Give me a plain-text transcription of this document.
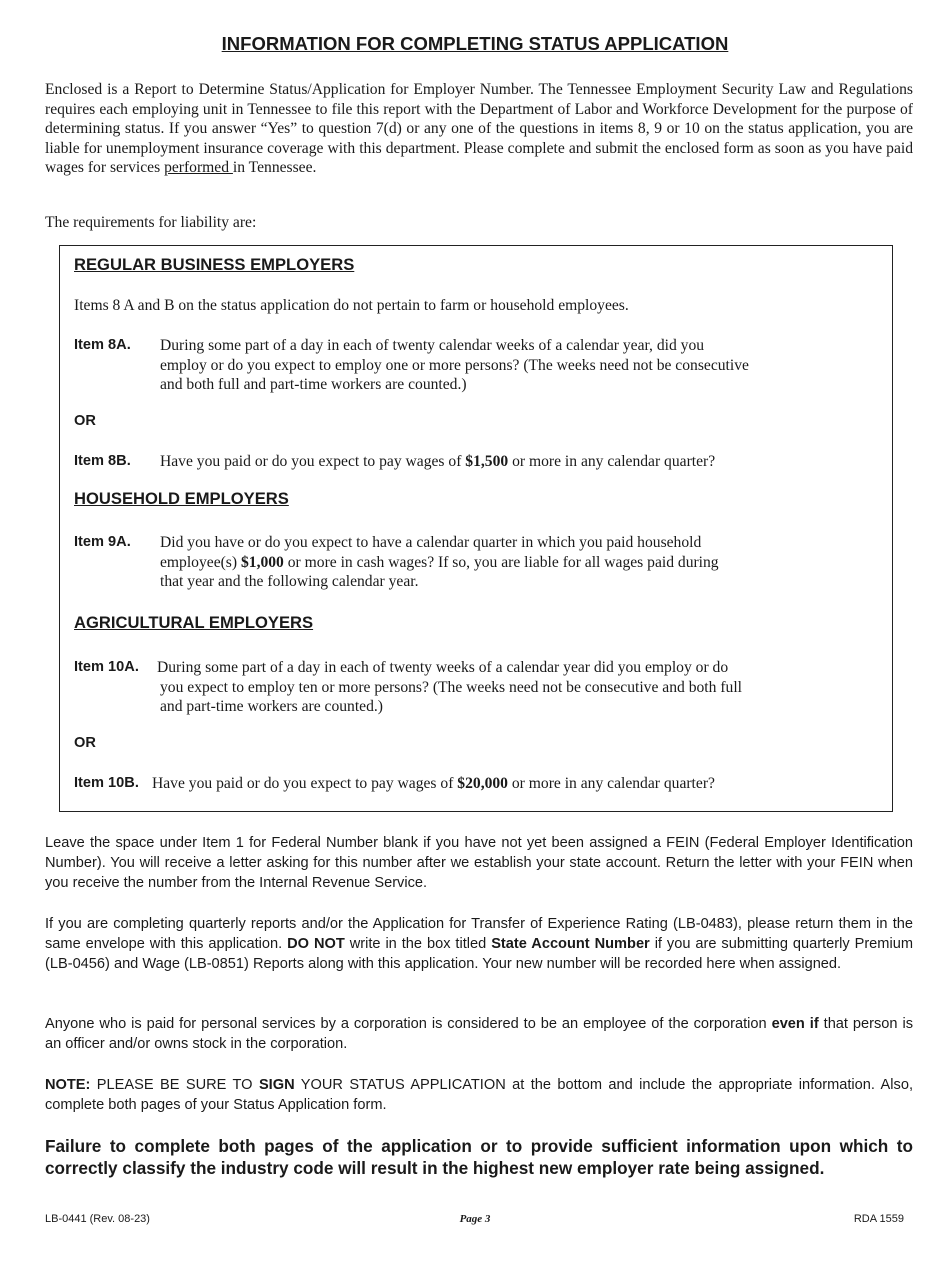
INFORMATION FOR COMPLETING STATUS APPLICATION
Enclosed is a Report to Determine Status/Application for Employer Number. The Tennessee Employment Security Law and Regulations requires each employing unit in Tennessee to file this report with the Department of Labor and Workforce Development for the purpose of determining status. If you answer “Yes” to question 7(d) or any one of the questions in items 8, 9 or 10 on the status application, you are liable for unemployment insurance coverage with this department. Please complete and submit the enclosed form as soon as you have paid wages for services performed in Tennessee.
The requirements for liability are:
REGULAR BUSINESS EMPLOYERS
Items 8 A and B on the status application do not pertain to farm or household employees.
Item 8A. During some part of a day in each of twenty calendar weeks of a calendar year, did you
employ or do you expect to employ one or more persons? (The weeks need not be consecutive
and both full and part-time workers are counted.)
OR
Item 8B. Have you paid or do you expect to pay wages of $1,500 or more in any calendar quarter?
HOUSEHOLD EMPLOYERS
Item 9A. Did you have or do you expect to have a calendar quarter in which you paid household
employee(s) $1,000 or more in cash wages? If so, you are liable for all wages paid during
that year and the following calendar year.
AGRICULTURAL EMPLOYERS
Item 10A. During some part of a day in each of twenty weeks of a calendar year did you employ or do
you expect to employ ten or more persons? (The weeks need not be consecutive and both full
and part-time workers are counted.)
OR
Item 10B. Have you paid or do you expect to pay wages of $20,000 or more in any calendar quarter?
Leave the space under Item 1 for Federal Number blank if you have not yet been assigned a FEIN (Federal Employer Identification Number). You will receive a letter asking for this number after we establish your state account. Return the letter with your FEIN when you receive the number from the Internal Revenue Service.
If you are completing quarterly reports and/or the Application for Transfer of Experience Rating (LB-0483), please return them in the same envelope with this application. DO NOT write in the box titled State Account Number if you are submitting quarterly Premium (LB-0456) and Wage (LB-0851) Reports along with this application. Your new number will be recorded here when assigned.
Anyone who is paid for personal services by a corporation is considered to be an employee of the corporation even if that person is an officer and/or owns stock in the corporation.
NOTE: PLEASE BE SURE TO SIGN YOUR STATUS APPLICATION at the bottom and include the appropriate information. Also, complete both pages of your Status Application form.
Failure to complete both pages of the application or to provide sufficient information upon which to correctly classify the industry code will result in the highest new employer rate being assigned.
LB-0441 (Rev. 08-23)	Page 3	RDA 1559
